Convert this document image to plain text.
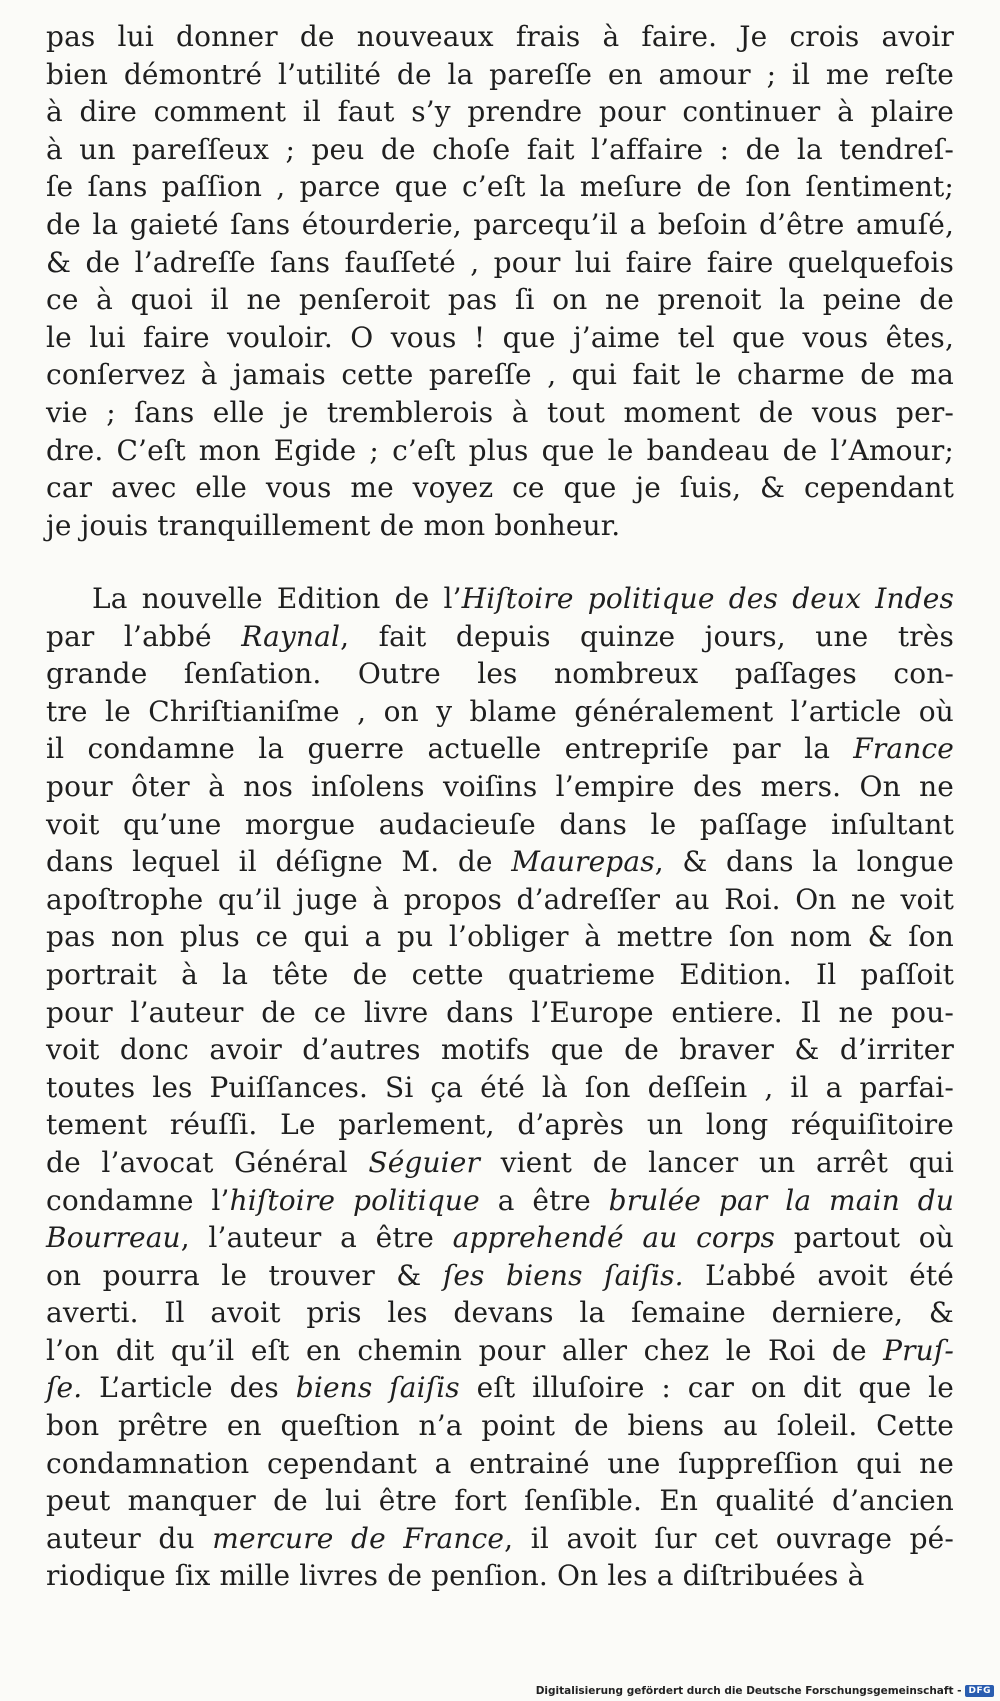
pas lui donner de nouveaux frais à faire. Je crois avoir
bien démontré l’utilité de la pareſſe en amour ; il me reſte
à dire comment il faut s’y prendre pour continuer à plaire
à un pareſſeux ; peu de choſe fait l’affaire : de la tendreſ-
ſe ſans paſſion , parce que c’eſt la meſure de ſon ſentiment;
de la gaieté ſans étourderie, parcequ’il a beſoin d’être amuſé,
& de l’adreſſe ſans fauſſeté , pour lui faire faire quelquefois
ce à quoi il ne penſeroit pas ſi on ne prenoit la peine de
le lui faire vouloir. O vous ! que j’aime tel que vous êtes,
conſervez à jamais cette pareſſe , qui fait le charme de ma
vie ; ſans elle je tremblerois à tout moment de vous per-
dre. C’eſt mon Egide ; c’eſt plus que le bandeau de l’Amour;
car avec elle vous me voyez ce que je ſuis, & cependant
je jouis tranquillement de mon bonheur.
La nouvelle Edition de l’Hiſtoire politique des deux Indes
par l’abbé Raynal, fait depuis quinze jours, une très
grande ſenſation. Outre les nombreux paſſages con-
tre le Chriſtianiſme , on y blame généralement l’article où
il condamne la guerre actuelle entrepriſe par la France
pour ôter à nos inſolens voiſins l’empire des mers. On ne
voit qu’une morgue audacieuſe dans le paſſage inſultant
dans lequel il déſigne M. de Maurepas, & dans la longue
apoſtrophe qu’il juge à propos d’adreſſer au Roi. On ne voit
pas non plus ce qui a pu l’obliger à mettre ſon nom & ſon
portrait à la tête de cette quatrieme Edition. Il paſſoit
pour l’auteur de ce livre dans l’Europe entiere. Il ne pou-
voit donc avoir d’autres motifs que de braver & d’irriter
toutes les Puiſſances. Si ça été là ſon deſſein , il a parfai-
tement réuſſi. Le parlement, d’après un long réquiſitoire
de l’avocat Général Séguier vient de lancer un arrêt qui
condamne l’hiſtoire politique a être brulée par la main du
Bourreau, l’auteur a être apprehendé au corps partout où
on pourra le trouver & ſes biens ſaiſis. L’abbé avoit été
averti. Il avoit pris les devans la ſemaine derniere, &
l’on dit qu’il eſt en chemin pour aller chez le Roi de Pruſ-
ſe. L’article des biens ſaiſis eſt illuſoire : car on dit que le
bon prêtre en queſtion n’a point de biens au ſoleil. Cette
condamnation cependant a entrainé une ſuppreſſion qui ne
peut manquer de lui être fort ſenſible. En qualité d’ancien
auteur du mercure de France, il avoit ſur cet ouvrage pé-
riodique ſix mille livres de penſion. On les a diſtribuées à
Digitalisierung gefördert durch die Deutsche Forschungsgemeinschaft - DFG
